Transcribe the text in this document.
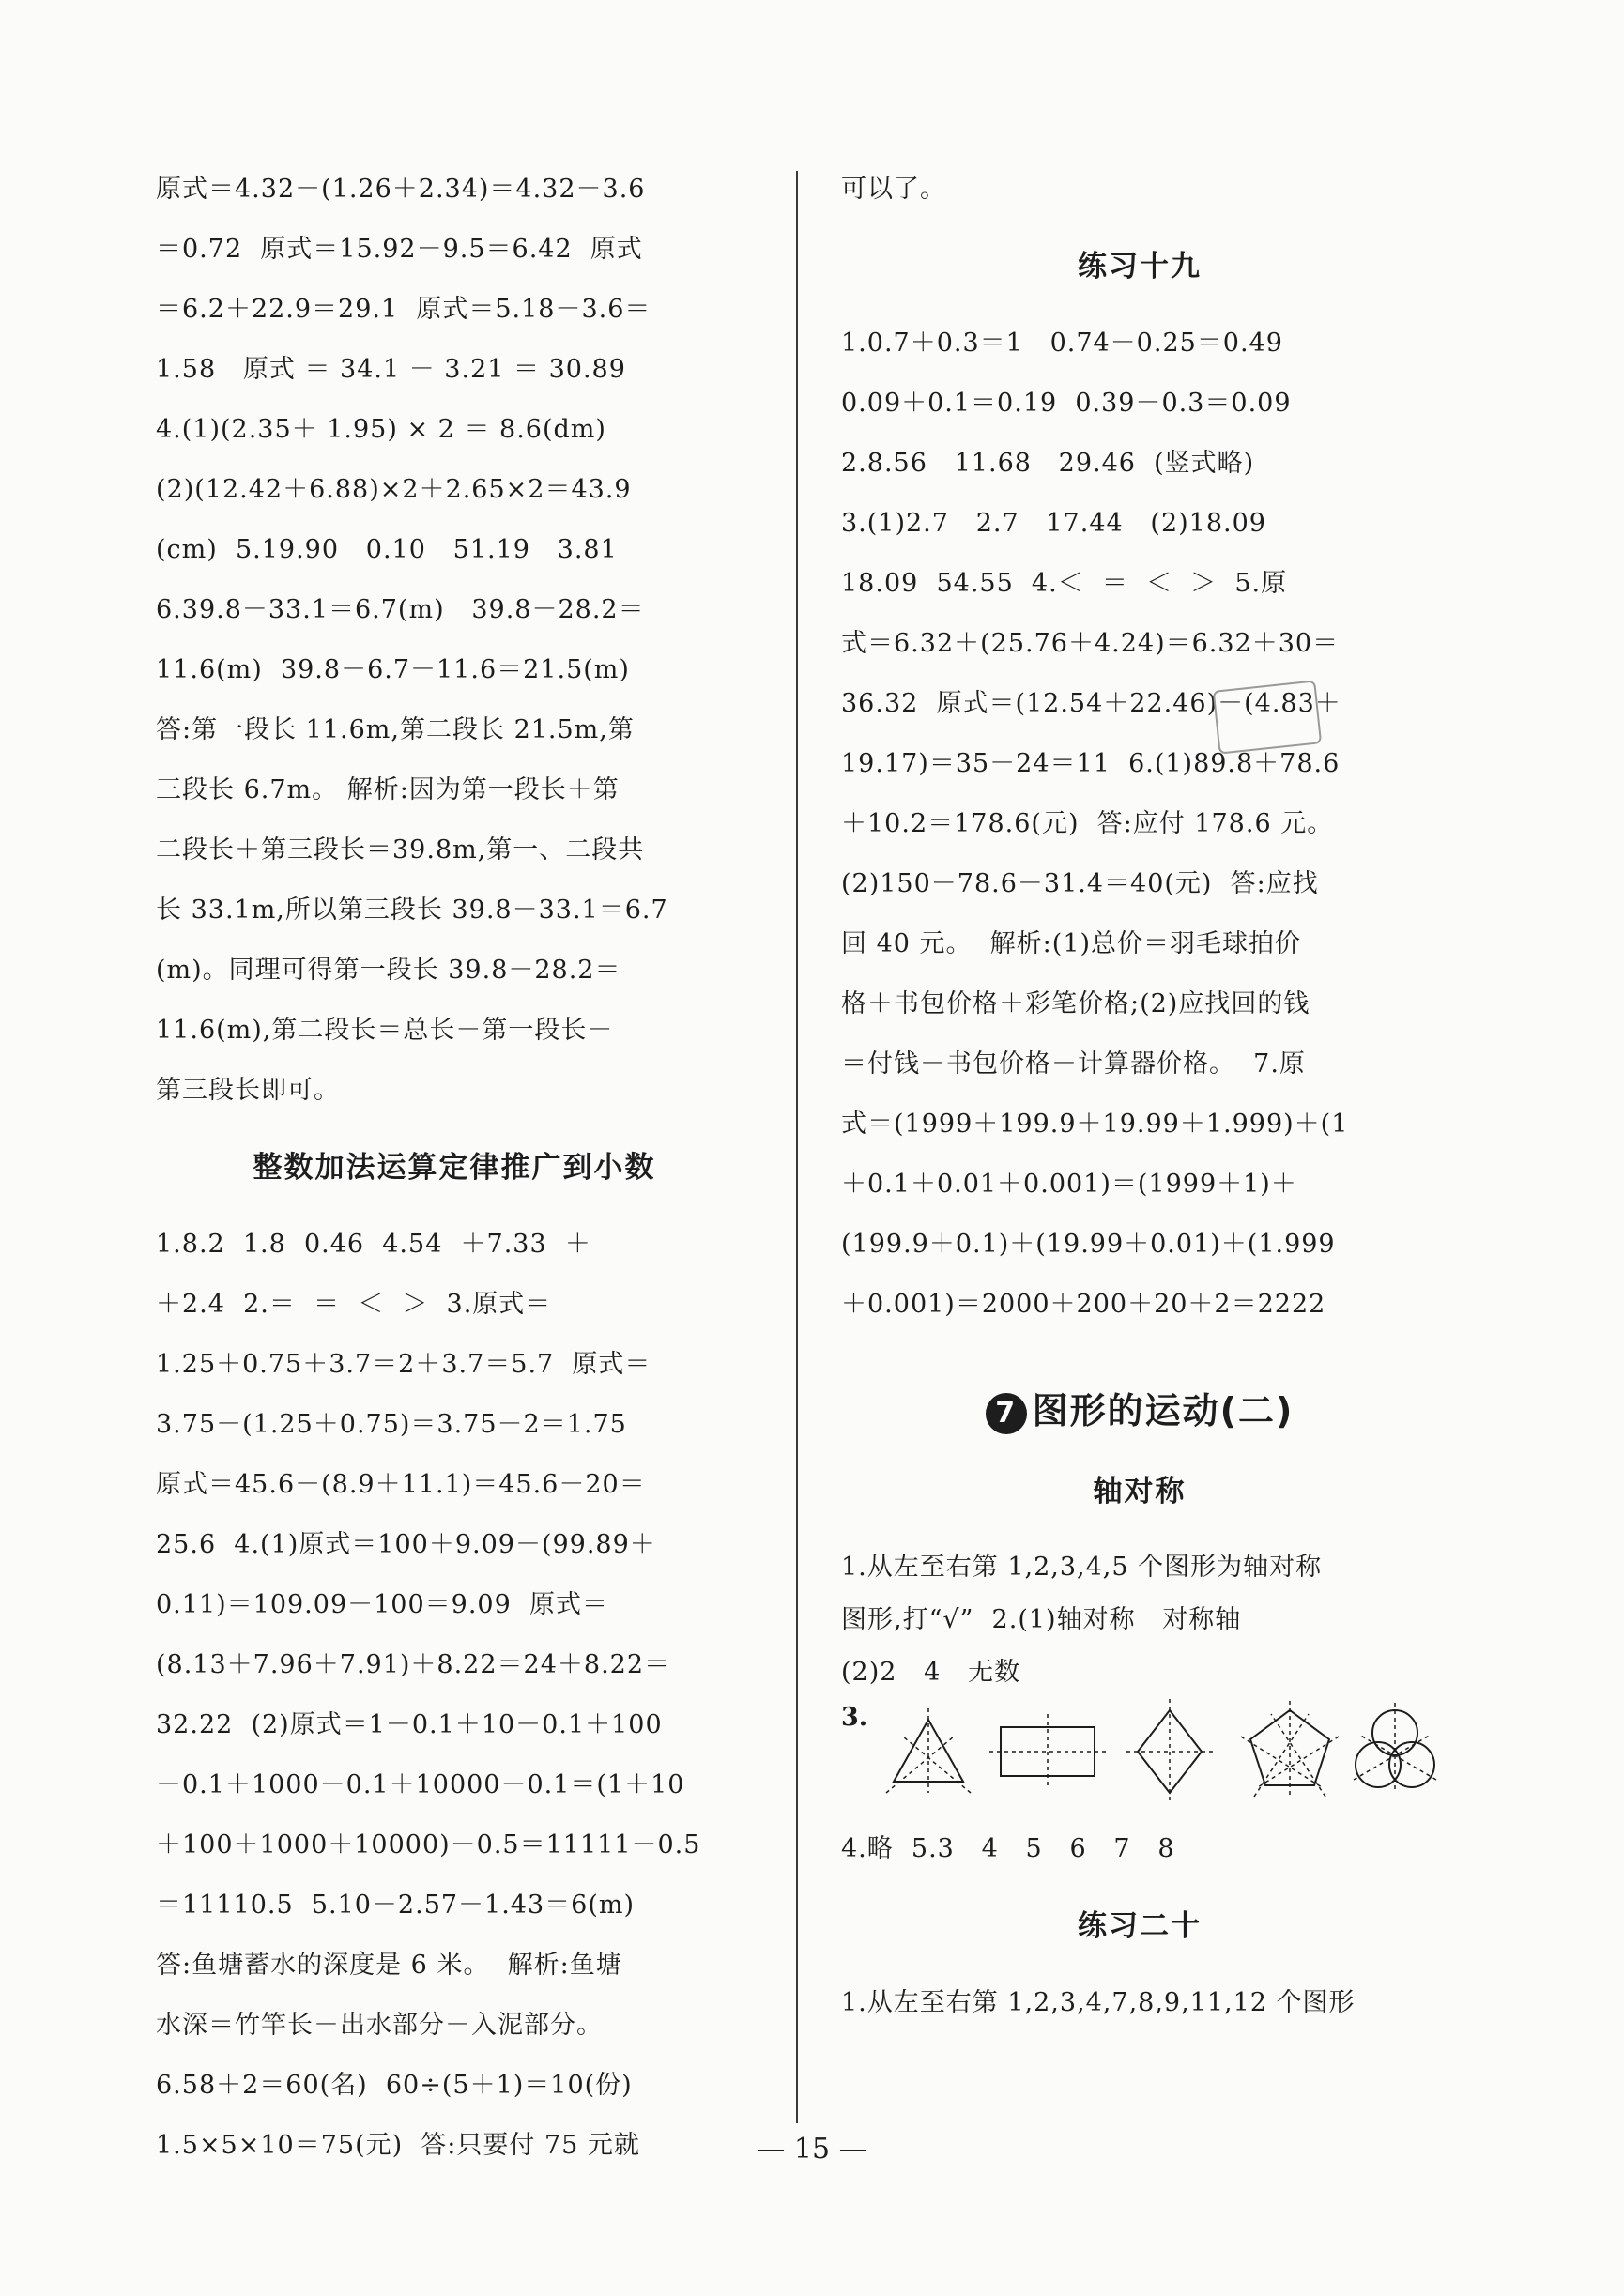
原式＝4.32－(1.26＋2.34)＝4.32－3.6
＝0.72  原式＝15.92－9.5＝6.42  原式
＝6.2＋22.9＝29.1  原式＝5.18－3.6＝
1.58   原式 ＝ 34.1 － 3.21 ＝ 30.89
4.(1)(2.35＋ 1.95) × 2 ＝ 8.6(dm)
(2)(12.42＋6.88)×2＋2.65×2＝43.9
(cm)  5.19.90   0.10   51.19   3.81
6.39.8－33.1＝6.7(m)   39.8－28.2＝
11.6(m)  39.8－6.7－11.6＝21.5(m)
答:第一段长 11.6m,第二段长 21.5m,第
三段长 6.7m。 解析:因为第一段长＋第
二段长＋第三段长＝39.8m,第一、二段共
长 33.1m,所以第三段长 39.8－33.1＝6.7
(m)。同理可得第一段长 39.8－28.2＝
11.6(m),第二段长＝总长－第一段长－
第三段长即可。
整数加法运算定律推广到小数
1.8.2  1.8  0.46  4.54  ＋7.33  ＋
＋2.4  2.＝  ＝  ＜  ＞  3.原式＝
1.25＋0.75＋3.7＝2＋3.7＝5.7  原式＝
3.75－(1.25＋0.75)＝3.75－2＝1.75
原式＝45.6－(8.9＋11.1)＝45.6－20＝
25.6  4.(1)原式＝100＋9.09－(99.89＋
0.11)＝109.09－100＝9.09  原式＝
(8.13＋7.96＋7.91)＋8.22＝24＋8.22＝
32.22  (2)原式＝1－0.1＋10－0.1＋100
－0.1＋1000－0.1＋10000－0.1＝(1＋10
＋100＋1000＋10000)－0.5＝11111－0.5
＝11110.5  5.10－2.57－1.43＝6(m)
答:鱼塘蓄水的深度是 6 米。  解析:鱼塘
水深＝竹竿长－出水部分－入泥部分。
6.58＋2＝60(名)  60÷(5＋1)＝10(份)
1.5×5×10＝75(元)  答:只要付 75 元就
可以了。
练习十九
1.0.7＋0.3＝1   0.74－0.25＝0.49
0.09＋0.1＝0.19  0.39－0.3＝0.09
2.8.56   11.68   29.46  (竖式略)
3.(1)2.7   2.7   17.44   (2)18.09
18.09  54.55  4.＜  ＝  ＜  ＞  5.原
式＝6.32＋(25.76＋4.24)＝6.32＋30＝
36.32  原式＝(12.54＋22.46)－(4.83＋
19.17)＝35－24＝11  6.(1)89.8＋78.6
＋10.2＝178.6(元)  答:应付 178.6 元。
(2)150－78.6－31.4＝40(元)  答:应找
回 40 元。  解析:(1)总价＝羽毛球拍价
格＋书包价格＋彩笔价格;(2)应找回的钱
＝付钱－书包价格－计算器价格。  7.原
式＝(1999＋199.9＋19.99＋1.999)＋(1
＋0.1＋0.01＋0.001)＝(1999＋1)＋
(199.9＋0.1)＋(19.99＋0.01)＋(1.999
＋0.001)＝2000＋200＋20＋2＝2222
7 图形的运动(二)
轴对称
1.从左至右第 1,2,3,4,5 个图形为轴对称
图形,打“√”  2.(1)轴对称   对称轴
(2)2   4   无数
3.
4.略  5.3   4   5   6   7   8
练习二十
1.从左至右第 1,2,3,4,7,8,9,11,12 个图形
— 15 —
